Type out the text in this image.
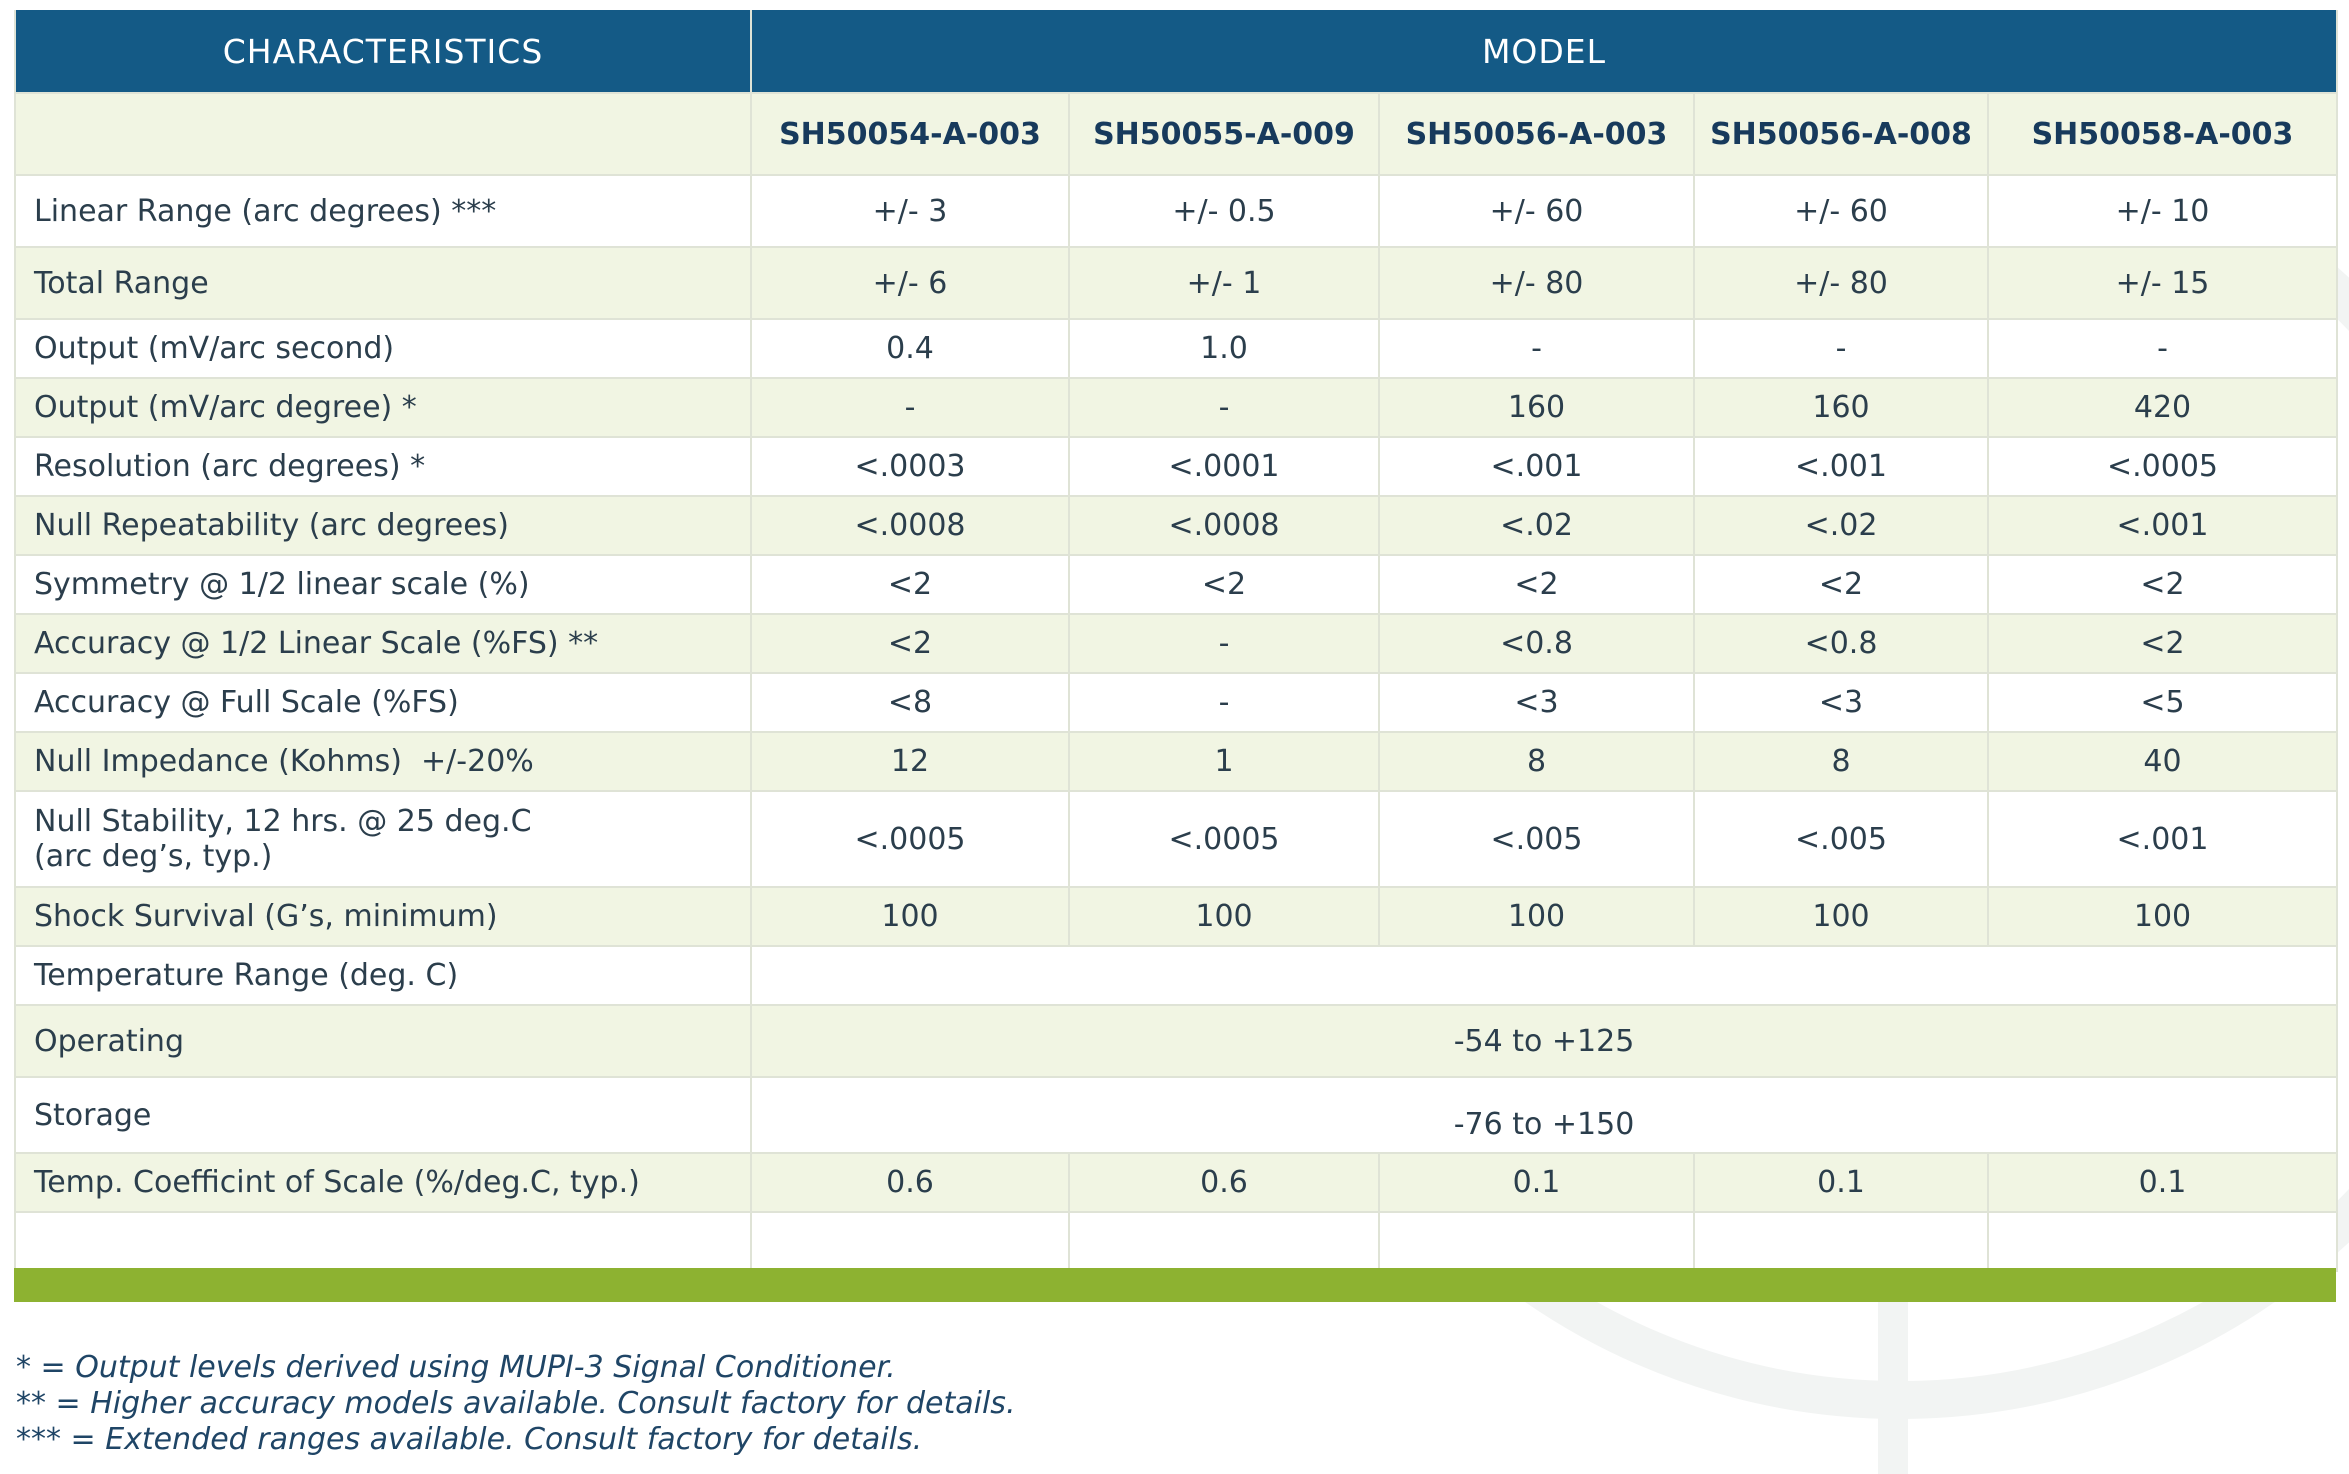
CHARACTERISTICS	MODEL				
	SH50054-A-003	SH50055-A-009	SH50056-A-003	SH50056-A-008	SH50058-A-003
Linear Range (arc degrees) ***	+/- 3	+/- 0.5	+/- 60	+/- 60	+/- 10
Total Range	+/- 6	+/- 1	+/- 80	+/- 80	+/- 15
Output (mV/arc second)	0.4	1.0	-	-	-
Output (mV/arc degree) *	-	-	160	160	420
Resolution (arc degrees) *	<.0003	<.0001	<.001	<.001	<.0005
Null Repeatability (arc degrees)	<.0008	<.0008	<.02	<.02	<.001
Symmetry @ 1/2 linear scale (%)	<2	<2	<2	<2	<2
Accuracy @ 1/2 Linear Scale (%FS) **	<2	-	<0.8	<0.8	<2
Accuracy @ Full Scale (%FS)	<8	-	<3	<3	<5
Null Impedance (Kohms)  +/-20%	12	1	8	8	40

Null Stability, 12 hrs. @ 25 deg.C
(arc deg’s, typ.)	<.0005	<.0005	<.005	<.005	<.001
Shock Survival (G’s, minimum)	100	100	100	100	100
Temperature Range (deg. C)					
Operating	-54 to +125				
Storage	-76 to +150				
Temp. Coefficint of Scale (%/deg.C, typ.)	0.6	0.6	0.1	0.1	0.1

* = Output levels derived using MUPI-3 Signal Conditioner.
** = Higher accuracy models available. Consult factory for details.
*** = Extended ranges available. Consult factory for details.
